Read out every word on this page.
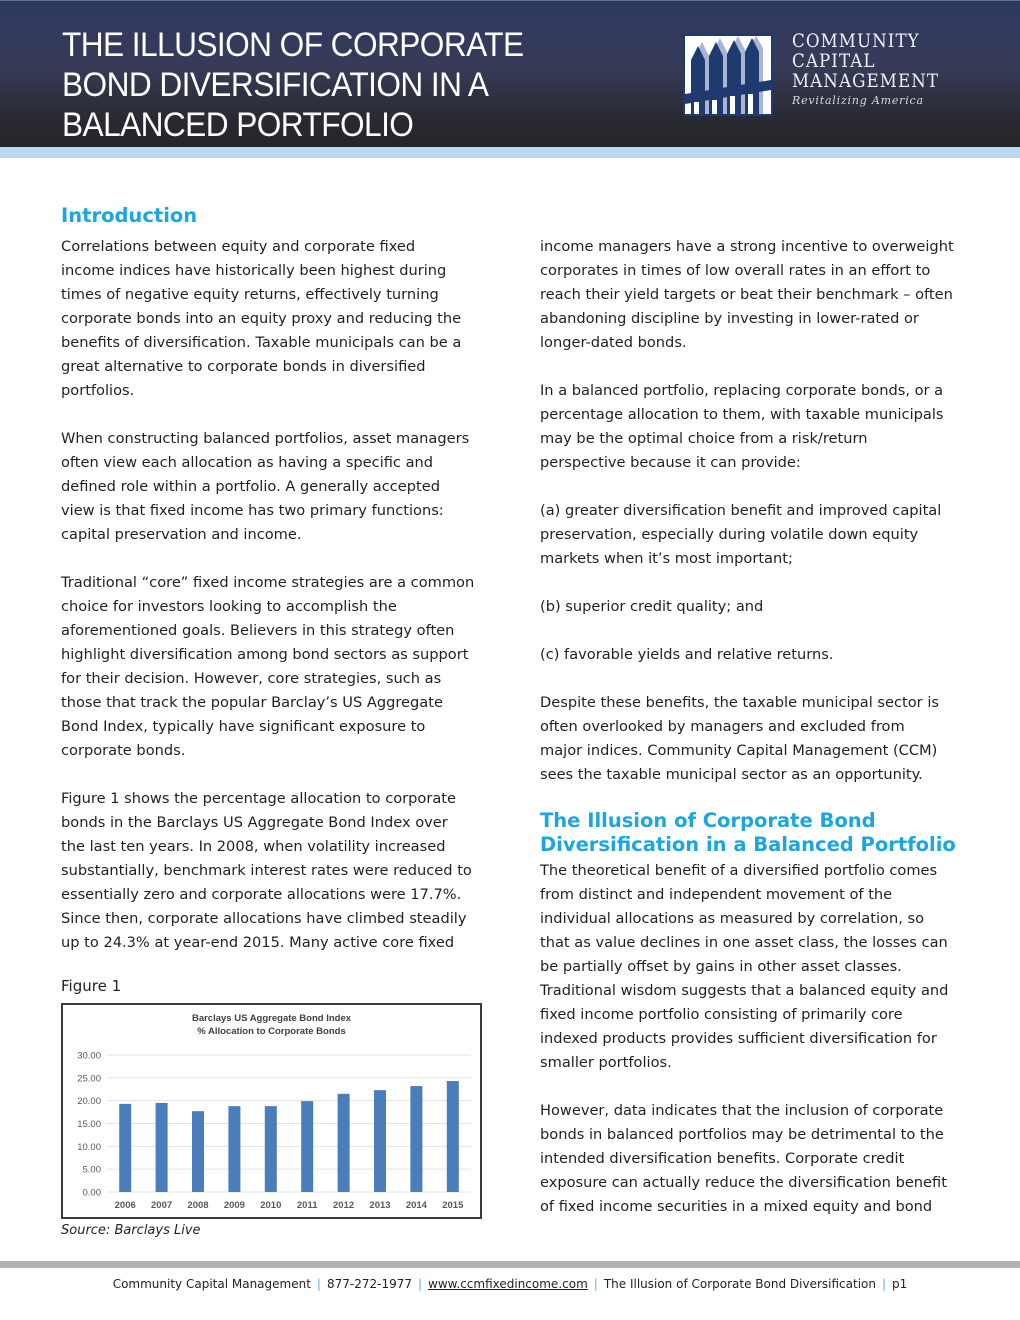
THE ILLUSION OF CORPORATE
BOND DIVERSIFICATION IN A
BALANCED PORTFOLIO
COMMUNITY
CAPITAL
MANAGEMENT
Revitalizing America
Introduction

Correlations between equity and corporate fixed
income indices have historically been highest during
times of negative equity returns, effectively turning
corporate bonds into an equity proxy and reducing the
benefits of diversification. Taxable municipals can be a
great alternative to corporate bonds in diversified
portfolios.

When constructing balanced portfolios, asset managers
often view each allocation as having a specific and
defined role within a portfolio. A generally accepted
view is that fixed income has two primary functions:
capital preservation and income.

Traditional “core” fixed income strategies are a common
choice for investors looking to accomplish the
aforementioned goals. Believers in this strategy often
highlight diversification among bond sectors as support
for their decision. However, core strategies, such as
those that track the popular Barclay’s US Aggregate
Bond Index, typically have significant exposure to
corporate bonds.

Figure 1 shows the percentage allocation to corporate
bonds in the Barclays US Aggregate Bond Index over
the last ten years. In 2008, when volatility increased
substantially, benchmark interest rates were reduced to
essentially zero and corporate allocations were 17.7%.
Since then, corporate allocations have climbed steadily
up to 24.3% at year-end 2015. Many active core fixed

Figure 1
Barclays US Aggregate Bond Index
% Allocation to Corporate Bonds
0.00
5.00
10.00
15.00
20.00
25.00
30.00
2006 2007 2008 2009 2010 2011 2012 2013 2014 2015
Source: Barclays Live

income managers have a strong incentive to overweight
corporates in times of low overall rates in an effort to
reach their yield targets or beat their benchmark – often
abandoning discipline by investing in lower-rated or
longer-dated bonds.

In a balanced portfolio, replacing corporate bonds, or a
percentage allocation to them, with taxable municipals
may be the optimal choice from a risk/return
perspective because it can provide:

(a) greater diversification benefit and improved capital
preservation, especially during volatile down equity
markets when it’s most important;

(b) superior credit quality; and

(c) favorable yields and relative returns.

Despite these benefits, the taxable municipal sector is
often overlooked by managers and excluded from
major indices. Community Capital Management (CCM)
sees the taxable municipal sector as an opportunity.

The Illusion of Corporate Bond
Diversification in a Balanced Portfolio

The theoretical benefit of a diversified portfolio comes
from distinct and independent movement of the
individual allocations as measured by correlation, so
that as value declines in one asset class, the losses can
be partially offset by gains in other asset classes.
Traditional wisdom suggests that a balanced equity and
fixed income portfolio consisting of primarily core
indexed products provides sufficient diversification for
smaller portfolios.

However, data indicates that the inclusion of corporate
bonds in balanced portfolios may be detrimental to the
intended diversification benefits. Corporate credit
exposure can actually reduce the diversification benefit
of fixed income securities in a mixed equity and bond

Community Capital Management | 877-272-1977 | www.ccmfixedincome.com | The Illusion of Corporate Bond Diversification | p1
